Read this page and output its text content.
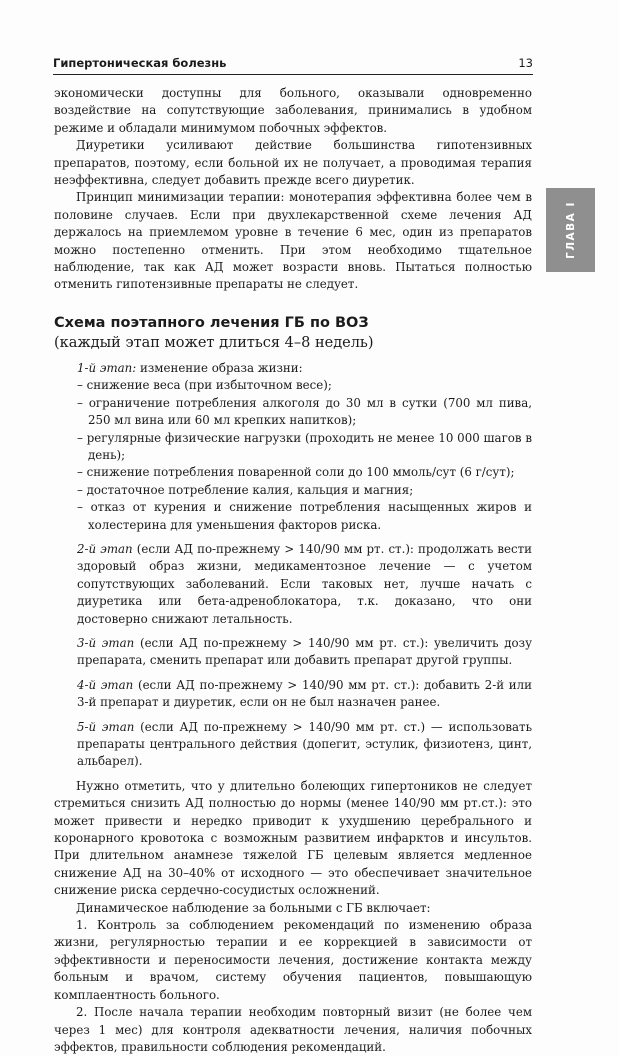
Гипертоническая болезнь	13
ГЛАВА I

экономически доступны для больного, оказывали одновременно воздействие на сопутствующие заболевания, принимались в удобном режиме и обладали минимумом побочных эффектов.

Диуретики усиливают действие большинства гипотензивных препаратов, поэтому, если больной их не получает, а проводимая терапия неэффективна, следует добавить прежде всего диуретик.

Принцип минимизации терапии: монотерапия эффективна более чем в половине случаев. Если при двухлекарственной схеме лечения АД держалось на приемлемом уровне в течение 6 мес, один из препаратов можно постепенно отменить. При этом необходимо тщательное наблюдение, так как АД может возрасти вновь. Пытаться полностью отменить гипотензивные препараты не следует.

Схема поэтапного лечения ГБ по ВОЗ
(каждый этап может длиться 4–8 недель)

1-й этап: изменение образа жизни:

– снижение веса (при избыточном весе);
– ограничение потребления алкоголя до 30 мл в сутки (700 мл пива, 250 мл вина или 60 мл крепких напитков);
– регулярные физические нагрузки (проходить не менее 10 000 шагов в день);
– снижение потребления поваренной соли до 100 ммоль/сут (6 г/сут);
– достаточное потребление калия, кальция и магния;
– отказ от курения и снижение потребления насыщенных жиров и холестерина для уменьшения факторов риска.

2-й этап (если АД по-прежнему > 140/90 мм рт. ст.): продолжать вести здоровый образ жизни, медикаментозное лечение — с учетом сопутствующих заболеваний. Если таковых нет, лучше начать с диуретика или бета-адреноблокатора, т.к. доказано, что они достоверно снижают летальность.

3-й этап (если АД по-прежнему > 140/90 мм рт. ст.): увеличить дозу препарата, сменить препарат или добавить препарат другой группы.

4-й этап (если АД по-прежнему > 140/90 мм рт. ст.): добавить 2-й или 3-й препарат и диуретик, если он не был назначен ранее.

5-й этап (если АД по-прежнему > 140/90 мм рт. ст.) — использовать препараты центрального действия (допегит, эстулик, физиотенз, цинт, альбарел).

Нужно отметить, что у длительно болеющих гипертоников не следует стремиться снизить АД полностью до нормы (менее 140/90 мм рт.ст.): это может привести и нередко приводит к ухудшению церебрального и коронарного кровотока с возможным развитием инфарктов и инсультов. При длительном анамнезе тяжелой ГБ целевым является медленное снижение АД на 30–40% от исходного — это обеспечивает значительное снижение риска сердечно-сосудистых осложнений.

Динамическое наблюдение за больными с ГБ включает:

1. Контроль за соблюдением рекомендаций по изменению образа жизни, регулярностью терапии и ее коррекцией в зависимости от эффективности и переносимости лечения, достижение контакта между больным и врачом, систему обучения пациентов, повышающую комплаентность больного.

2. После начала терапии необходим повторный визит (не более чем через 1 мес) для контроля адекватности лечения, наличия побочных эффектов, правильности соблюдения рекомендаций.
